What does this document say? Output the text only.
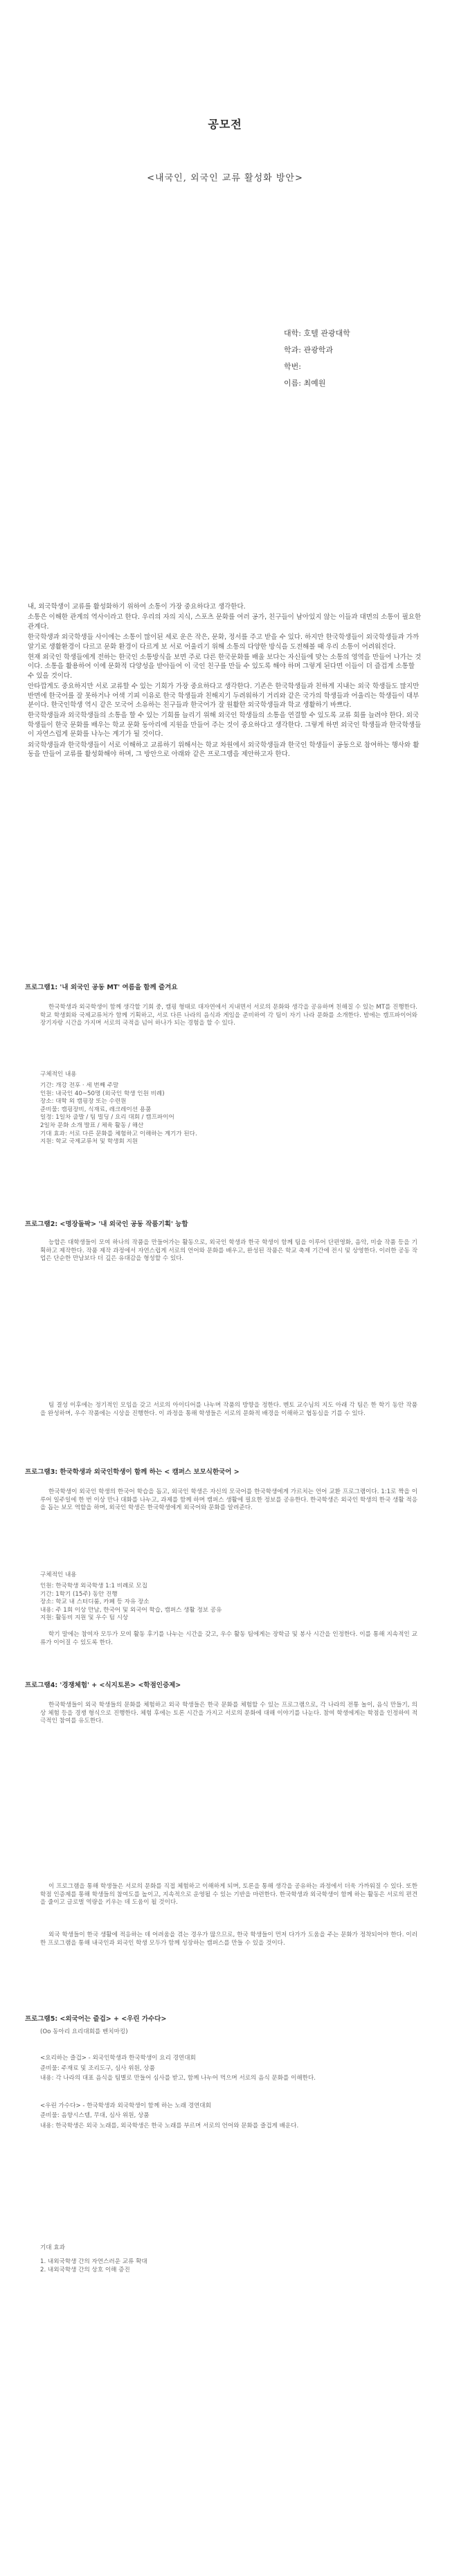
공모전
<내국인, 외국인 교류 활성화 방안>
대학: 호텔 관광대학
학과: 관광학과
학번:
이름: 최예원

내, 외국학생이 교류를 활성화하기 위하여 소통이 가장 중요하다고 생각한다.

소통은 이해한 관계의 역사이라고 한다. 우리의 자의 지식, 스포츠 문화를 여러 공가, 친구들이 남아있지 않는 이들과 대면의 소통이 필요한 관계다.

한국학생과 외국학생들 사이에는 소통이 많이된 세로 운은 작은, 문화, 정서를 주고 받을 수 있다. 하지만 한국학생들이 외국학생들과 가까 알기로 생활환경이 다르고 문화 환경이 다르게 보 서로 어울리기 위해 소통의 다양한 방식을 도전해볼 때 우리 소통이 어려워진다.

현재 외국인 학생들에게 전하는 한국인 소통방식을 보면 주로 다른 한국문화를 배울 보다는 자신들에 맞는 소통의 영역을 만들어 나가는 것이다. 소통을 활용하여 이에 문화적 다양성을 받아들여 이 국인 친구를 만들 수 있도록 해야 하며 그렇게 된다면 이들이 더 즐겁게 소통할 수 있을 것이다.

안타깝게도 중요하지만 서로 교류할 수 있는 기회가 가장 중요하다고 생각한다. 기존은 한국학생들과 친하게 지내는 외국 학생들도 많지만 반면에 한국어를 잘 못하거나 어색 기피 이유로 한국 학생들과 친해지기 두려워하기 거리와 같은 국가의 학생들과 어울리는 학생들이 대부분이다. 한국인학생 역시 같은 모국어 소유하는 친구들과 한국어가 잘 원활한 외국학생들과 학교 생활하기 바쁘다.

한국학생들과 외국학생들의 소통을 할 수 있는 기회를 늘리기 위해 외국인 학생들의 소통을 연결할 수 있도록 교류 회를 늘려야 한다. 외국학생들이 한국 문화를 배우는 학교 문화 동아리에 지원을 만들어 주는 것이 중요하다고 생각한다. 그렇게 하면 외국인 학생들과 한국학생들이 자연스럽게 문화를 나누는 계기가 될 것이다.

외국학생들과 한국학생들이 서로 이해하고 교류하기 위해서는 학교 차원에서 외국학생들과 한국인 학생들이 공동으로 참여하는 행사와 활동을 만들어 교류를 활성화해야 하며, 그 방안으로 아래와 같은 프로그램을 제안하고자 한다.

프로그램1: '내 외국인 공동 MT' 여름을 함께 즐겨요
한국학생과 외국학생이 함께 생각할 기회 중, 캠핑 형태로 대자연에서 지내면서 서로의 문화와 생각을 공유하며 친해질 수 있는 MT를 진행한다. 학교 학생회와 국제교류처가 함께 기획하고, 서로 다른 나라의 음식과 게임을 준비하여 각 팀이 자기 나라 문화를 소개한다. 밤에는 캠프파이어와 장기자랑 시간을 가지며 서로의 국적을 넘어 하나가 되는 경험을 할 수 있다.
구체적인 내용
기간: 개강 전후 · 세 번째 주말
인원: 내국인 40~50명 (외국인 학생 인원 비례)
장소: 대학 외 캠핑장 또는 수련원
준비물: 캠핑장비, 식재료, 레크레이션 용품
일정: 1일차 출발 / 팀 빌딩 / 요리 대회 / 캠프파이어
2일차 문화 소개 발표 / 체육 활동 / 해산
기대 효과: 서로 다른 문화를 체험하고 이해하는 계기가 된다.
지원: 학교 국제교류처 및 학생회 지원
프로그램2: <명장돌팍> '내 외국인 공동 작품기획' 능합
능합은 대학생들이 모여 하나의 작품을 만들어가는 활동으로, 외국인 학생과 한국 학생이 함께 팀을 이루어 단편영화, 음악, 미술 작품 등을 기획하고 제작한다. 작품 제작 과정에서 자연스럽게 서로의 언어와 문화를 배우고, 완성된 작품은 학교 축제 기간에 전시 및 상영한다. 이러한 공동 작업은 단순한 만남보다 더 깊은 유대감을 형성할 수 있다.
팀 결성 이후에는 정기적인 모임을 갖고 서로의 아이디어를 나누며 작품의 방향을 정한다. 멘토 교수님의 지도 아래 각 팀은 한 학기 동안 작품을 완성하며, 우수 작품에는 시상을 진행한다. 이 과정을 통해 학생들은 서로의 문화적 배경을 이해하고 협동심을 기를 수 있다.
프로그램3: 한국학생과 외국인학생이 함께 하는 < 캠퍼스 보모식한국어 >
한국학생이 외국인 학생의 한국어 학습을 돕고, 외국인 학생은 자신의 모국어를 한국학생에게 가르치는 언어 교환 프로그램이다. 1:1로 짝을 이루어 일주일에 한 번 이상 만나 대화를 나누고, 과제를 함께 하며 캠퍼스 생활에 필요한 정보를 공유한다. 한국학생은 외국인 학생의 한국 생활 적응을 돕는 보모 역할을 하며, 외국인 학생은 한국학생에게 외국어와 문화를 알려준다.
구체적인 내용
인원: 한국학생 외국학생 1:1 비례로 모집
기간: 1학기 (15주) 동안 진행
장소: 학교 내 스터디룸, 카페 등 자유 장소
내용: 주 1회 이상 만남, 한국어 및 외국어 학습, 캠퍼스 생활 정보 공유
지원: 활동비 지원 및 우수 팀 시상
학기 말에는 참여자 모두가 모여 활동 후기를 나누는 시간을 갖고, 우수 활동 팀에게는 장학금 및 봉사 시간을 인정한다. 이를 통해 지속적인 교류가 이어질 수 있도록 한다.
프로그램4: '경쟁체험' + <식지토론> <학점인증제>
한국학생들이 외국 학생들의 문화를 체험하고 외국 학생들은 한국 문화를 체험할 수 있는 프로그램으로, 각 나라의 전통 놀이, 음식 만들기, 의상 체험 등을 경쟁 형식으로 진행한다. 체험 후에는 토론 시간을 가지고 서로의 문화에 대해 이야기를 나눈다. 참여 학생에게는 학점을 인정하여 적극적인 참여를 유도한다.
이 프로그램을 통해 학생들은 서로의 문화를 직접 체험하고 이해하게 되며, 토론을 통해 생각을 공유하는 과정에서 더욱 가까워질 수 있다. 또한 학점 인증제를 통해 학생들의 참여도를 높이고, 지속적으로 운영될 수 있는 기반을 마련한다. 한국학생과 외국학생이 함께 하는 활동은 서로의 편견을 줄이고 글로벌 역량을 키우는 데 도움이 될 것이다.
외국 학생들이 한국 생활에 적응하는 데 어려움을 겪는 경우가 많으므로, 한국 학생들이 먼저 다가가 도움을 주는 문화가 정착되어야 한다. 이러한 프로그램을 통해 내국인과 외국인 학생 모두가 함께 성장하는 캠퍼스를 만들 수 있을 것이다.
프로그램5: <외국어는 즐겁> + <우린 가수다>
(Oo 동아리 요리대회를 벤치마킹)
<요리하는 즐겁> - 외국인학생과 한국학생이 요리 경연대회
준비물: 주재료 및 조리도구, 심사 위원, 상품
내용: 각 나라의 대표 음식을 팀별로 만들어 심사를 받고, 함께 나누어 먹으며 서로의 음식 문화를 이해한다.
<우린 가수다> - 한국학생과 외국학생이 함께 하는 노래 경연대회
준비물: 음향시스템, 무대, 심사 위원, 상품
내용: 한국학생은 외국 노래를, 외국학생은 한국 노래를 부르며 서로의 언어와 문화를 즐겁게 배운다.
기대 효과
1. 내외국학생 간의 자연스러운 교류 확대
2. 내외국학생 간의 상호 이해 증진
